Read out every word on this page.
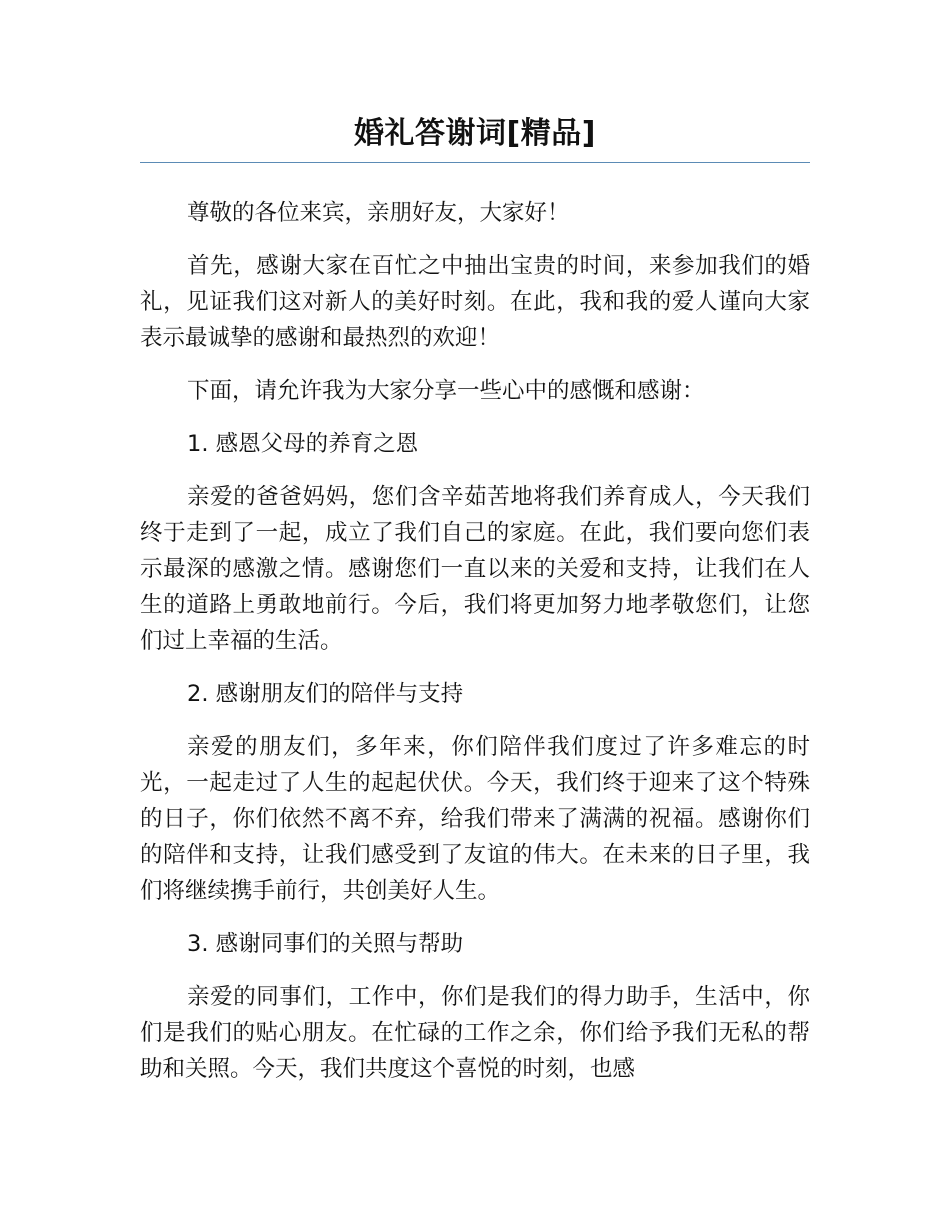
婚礼答谢词[精品]

尊敬的各位来宾，亲朋好友，大家好！

首先，感谢大家在百忙之中抽出宝贵的时间，来参加我们的婚礼，见证我们这对新人的美好时刻。在此，我和我的爱人谨向大家表示最诚挚的感谢和最热烈的欢迎！

下面，请允许我为大家分享一些心中的感慨和感谢：

1. 感恩父母的养育之恩

亲爱的爸爸妈妈，您们含辛茹苦地将我们养育成人，今天我们终于走到了一起，成立了我们自己的家庭。在此，我们要向您们表示最深的感激之情。感谢您们一直以来的关爱和支持，让我们在人生的道路上勇敢地前行。今后，我们将更加努力地孝敬您们，让您们过上幸福的生活。

2. 感谢朋友们的陪伴与支持

亲爱的朋友们，多年来，你们陪伴我们度过了许多难忘的时光，一起走过了人生的起起伏伏。今天，我们终于迎来了这个特殊的日子，你们依然不离不弃，给我们带来了满满的祝福。感谢你们的陪伴和支持，让我们感受到了友谊的伟大。在未来的日子里，我们将继续携手前行，共创美好人生。

3. 感谢同事们的关照与帮助

亲爱的同事们，工作中，你们是我们的得力助手，生活中，你们是我们的贴心朋友。在忙碌的工作之余，你们给予我们无私的帮助和关照。今天，我们共度这个喜悦的时刻，也感
